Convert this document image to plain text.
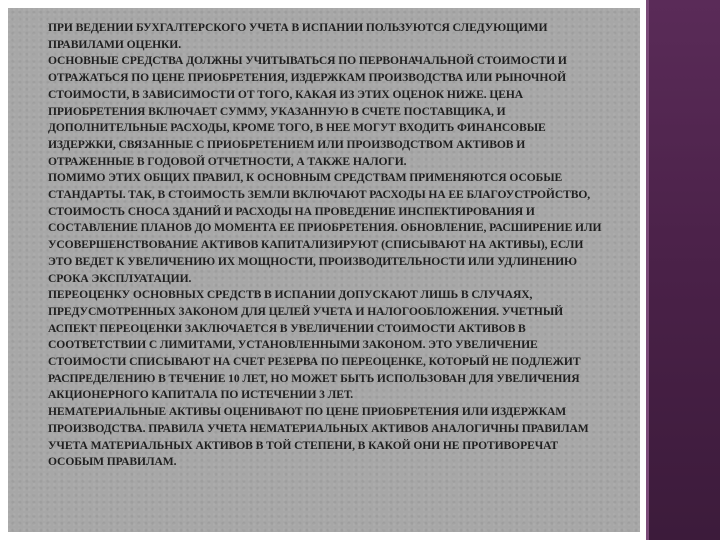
ПРИ ВЕДЕНИИ БУХГАЛТЕРСКОГО УЧЕТА В ИСПАНИИ ПОЛЬЗУЮТСЯ СЛЕДУЮЩИМИ ПРАВИЛАМИ ОЦЕНКИ.
ОСНОВНЫЕ СРЕДСТВА ДОЛЖНЫ УЧИТЫВАТЬСЯ ПО ПЕРВОНАЧАЛЬНОЙ СТОИМОСТИ И ОТРАЖАТЬСЯ ПО ЦЕНЕ ПРИОБРЕТЕНИЯ, ИЗДЕРЖКАМ ПРОИЗВОДСТВА ИЛИ РЫНОЧНОЙ СТОИМОСТИ, В ЗАВИСИМОСТИ ОТ ТОГО, КАКАЯ ИЗ ЭТИХ ОЦЕНОК НИЖЕ. ЦЕНА ПРИОБРЕТЕНИЯ ВКЛЮЧАЕТ СУММУ, УКАЗАННУЮ В СЧЕТЕ ПОСТАВЩИКА, И ДОПОЛНИТЕЛЬНЫЕ РАСХОДЫ, КРОМЕ ТОГО, В НЕЕ МОГУТ ВХОДИТЬ ФИНАНСОВЫЕ ИЗДЕРЖКИ, СВЯЗАННЫЕ С ПРИОБРЕТЕНИЕМ ИЛИ ПРОИЗВОДСТВОМ АКТИВОВ И ОТРАЖЕННЫЕ В ГОДОВОЙ ОТЧЕТНОСТИ, А ТАКЖЕ НАЛОГИ.

ПОМИМО ЭТИХ ОБЩИХ ПРАВИЛ, К ОСНОВНЫМ СРЕДСТВАМ ПРИМЕНЯЮТСЯ ОСОБЫЕ СТАНДАРТЫ. ТАК, В СТОИМОСТЬ ЗЕМЛИ ВКЛЮЧАЮТ РАСХОДЫ НА ЕЕ БЛАГОУСТРОЙСТВО, СТОИМОСТЬ СНОСА ЗДАНИЙ И РАСХОДЫ НА ПРОВЕДЕНИЕ ИНСПЕКТИРОВАНИЯ И СОСТАВЛЕНИЕ ПЛАНОВ ДО МОМЕНТА ЕЕ ПРИОБРЕТЕНИЯ. ОБНОВЛЕНИЕ, РАСШИРЕНИЕ ИЛИ УСОВЕРШЕНСТВОВАНИЕ АКТИВОВ КАПИТАЛИЗИРУЮТ (СПИСЫВАЮТ НА АКТИВЫ), ЕСЛИ ЭТО ВЕДЕТ К УВЕЛИЧЕНИЮ ИХ МОЩНОСТИ, ПРОИЗВОДИТЕЛЬНОСТИ ИЛИ УДЛИНЕНИЮ СРОКА ЭКСПЛУАТАЦИИ.

ПЕРЕОЦЕНКУ ОСНОВНЫХ СРЕДСТВ В ИСПАНИИ ДОПУСКАЮТ ЛИШЬ В СЛУЧАЯХ, ПРЕДУСМОТРЕННЫХ ЗАКОНОМ ДЛЯ ЦЕЛЕЙ УЧЕТА И НАЛОГООБЛОЖЕНИЯ. УЧЕТНЫЙ АСПЕКТ ПЕРЕОЦЕНКИ ЗАКЛЮЧАЕТСЯ В УВЕЛИЧЕНИИ СТОИМОСТИ АКТИВОВ В СООТВЕТСТВИИ С ЛИМИТАМИ, УСТАНОВЛЕННЫМИ ЗАКОНОМ. ЭТО УВЕЛИЧЕНИЕ СТОИМОСТИ СПИСЫВАЮТ НА СЧЕТ РЕЗЕРВА ПО ПЕРЕОЦЕНКЕ, КОТОРЫЙ НЕ ПОДЛЕЖИТ РАСПРЕДЕЛЕНИЮ В ТЕЧЕНИЕ 10 ЛЕТ, НО МОЖЕТ БЫТЬ ИСПОЛЬЗОВАН ДЛЯ УВЕЛИЧЕНИЯ АКЦИОНЕРНОГО КАПИТАЛА ПО ИСТЕЧЕНИИ 3 ЛЕТ.

НЕМАТЕРИАЛЬНЫЕ АКТИВЫ ОЦЕНИВАЮТ ПО ЦЕНЕ ПРИОБРЕТЕНИЯ ИЛИ ИЗДЕРЖКАМ ПРОИЗВОДСТВА. ПРАВИЛА УЧЕТА НЕМАТЕРИАЛЬНЫХ АКТИВОВ АНАЛОГИЧНЫ ПРАВИЛАМ УЧЕТА МАТЕРИАЛЬНЫХ АКТИВОВ В ТОЙ СТЕПЕНИ, В КАКОЙ ОНИ НЕ ПРОТИВОРЕЧАТ ОСОБЫМ ПРАВИЛАМ.
